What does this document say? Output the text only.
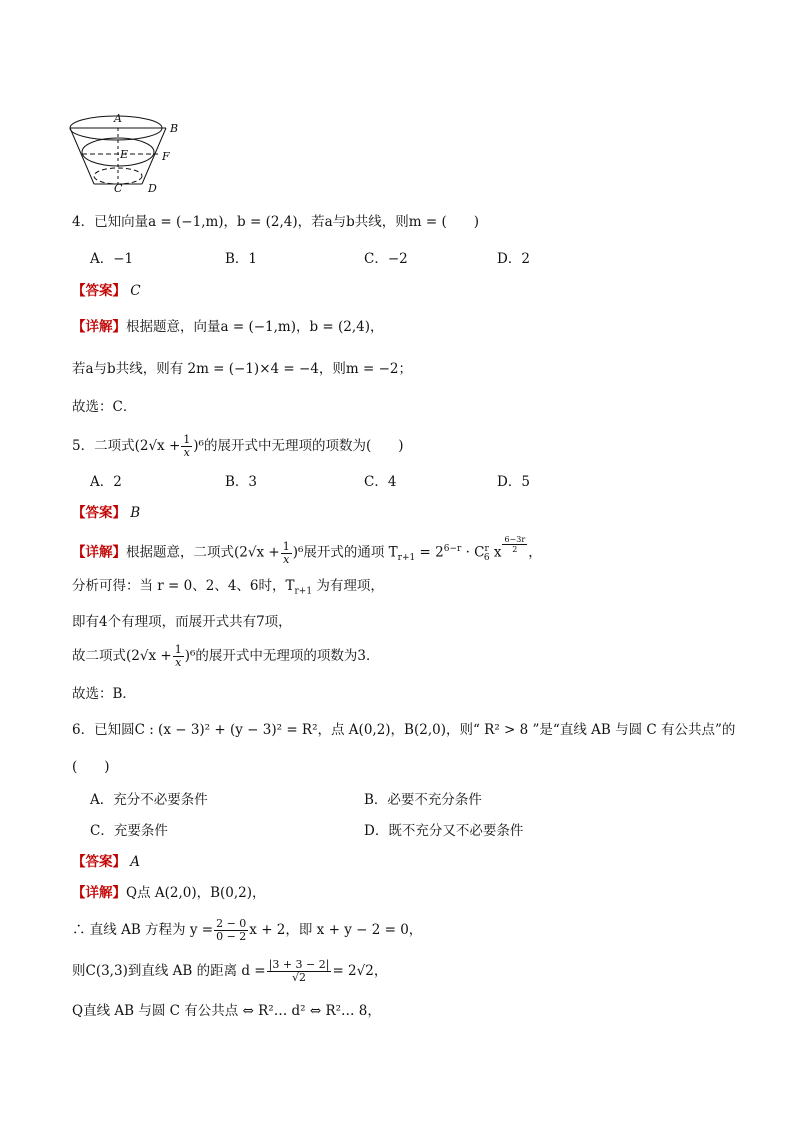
A
B
E	F
C D
4．已知向量a = (−1,m)，b = (2,4)，若a与b共线，则m = (　　)
A．−1	B．1	C．−2	D．2
【答案】 C
【详解】根据题意，向量a = (−1,m)，b = (2,4)，
若a与b共线，则有 2m = (−1)×4 = −4，则m = −2；
故选：C．
5．二项式$(2√x + \frac{1}{x} )^6$的展开式中无理项的项数为(　　)
A．2	B．3	C．4	D．5
【答案】 B
【详解】根据题意，二项式$(2√x + \frac{1}{x} )^6$展开式的通项 $T_{r+1} = 2^{6-r} \cdot C^r_6$ x $\frac{6-3r}{2}$ ，
分析可得：当 r = 0、2、4、6时，$T_{r+1}$ 为有理项，
即有4个有理项，而展开式共有7项，
故二项式$(2√x + \frac{1}{x} )^6$的展开式中无理项的项数为3．
故选：B．
6．已知圆C : (x − 3)² + (y − 3)² = R²，点 A(0,2)，B(2,0)，则“ R² > 8 ”是“直线 AB 与圆 C 有公共点”的
(　　)
A．充分不必要条件	B．必要不充分条件
C．充要条件	D．既不充分又不必要条件
【答案】 A
【详解】Q点 A(2,0)，B(0,2)，
∴ 直线 AB 方程为 $y = \frac{2 - 0}{0 - 2}$ x + 2，即 x + y − 2 = 0，
则C(3,3)到直线 AB 的距离 $d = \frac{|3 + 3 - 2|}{√2} = 2√2$，
Q直线 AB 与圆 C 有公共点 ⇔ R²… d² ⇔ R²… 8，
